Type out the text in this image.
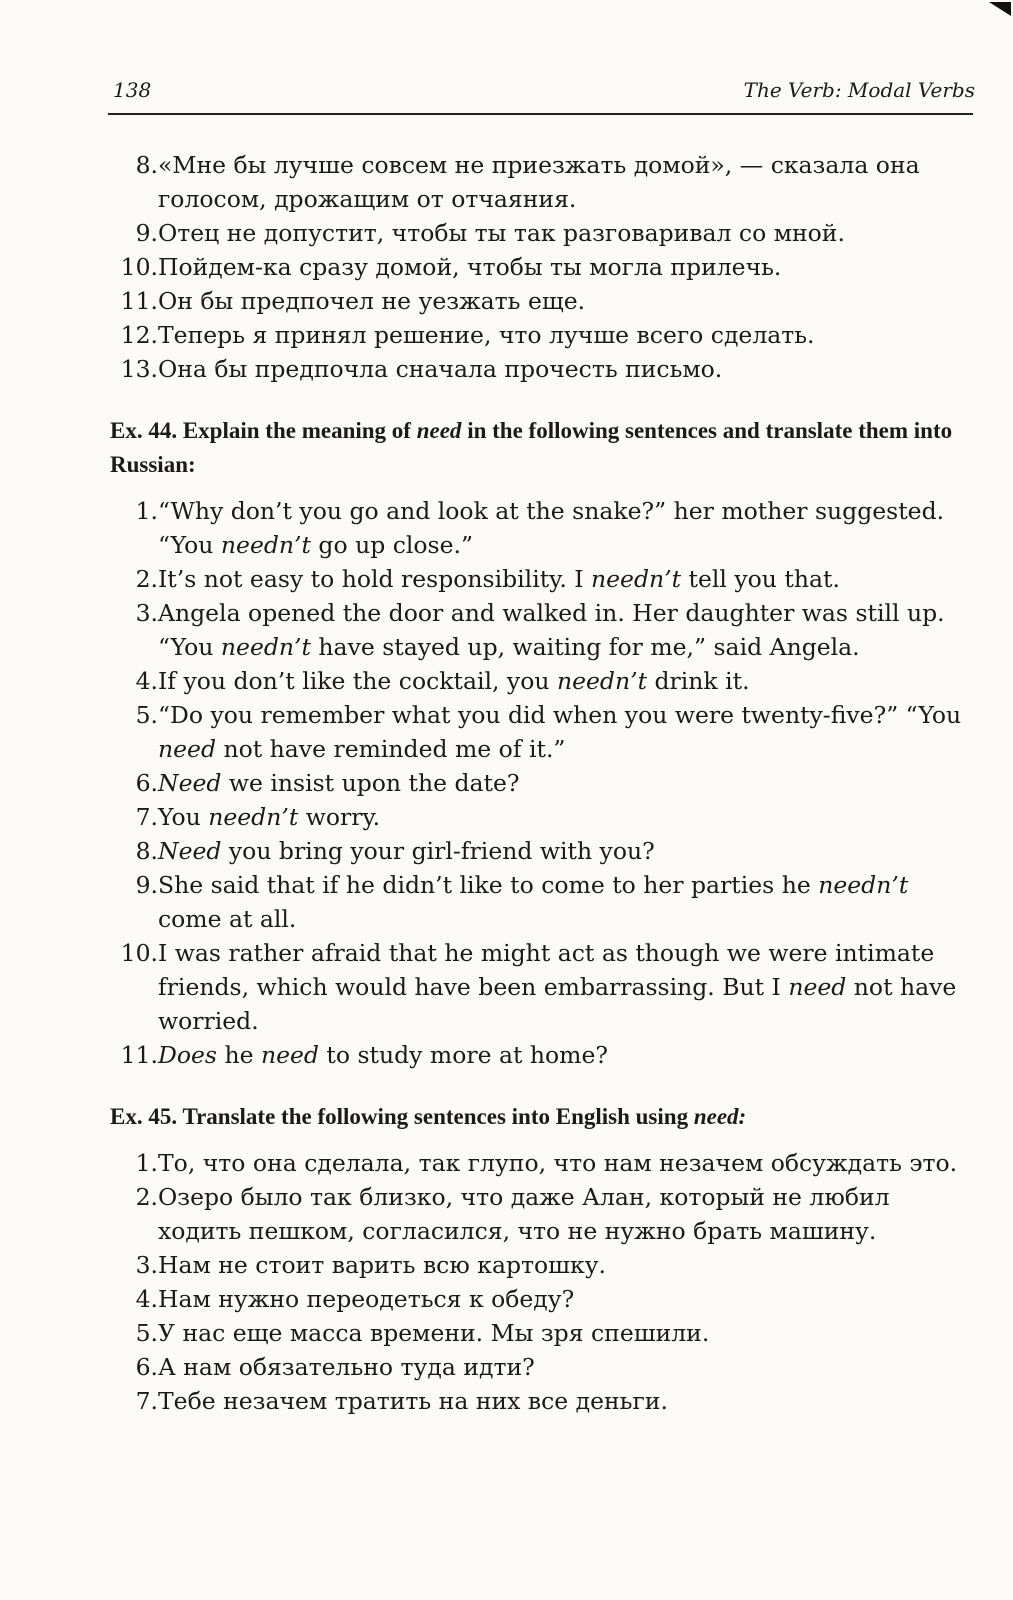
138	The Verb: Modal Verbs
8. «Мне бы лучше совсем не приезжать домой», — сказала она голосом, дрожащим от отчаяния.
9. Отец не допустит, чтобы ты так разговаривал со мной.
10. Пойдем-ка сразу домой, чтобы ты могла прилечь.
11. Он бы предпочел не уезжать еще.
12. Теперь я принял решение, что лучше всего сделать.
13. Она бы предпочла сначала прочесть письмо.
Ex. 44. Explain the meaning of need in the following sentences and translate them into Russian:
1. “Why don’t you go and look at the snake?” her mother suggested. “You needn’t go up close.”
2. It’s not easy to hold responsibility. I needn’t tell you that.
3. Angela opened the door and walked in. Her daughter was still up. “You needn’t have stayed up, waiting for me,” said Angela.
4. If you don’t like the cocktail, you needn’t drink it.
5. “Do you remember what you did when you were twenty-five?” “You need not have reminded me of it.”
6. Need we insist upon the date?
7. You needn’t worry.
8. Need you bring your girl-friend with you?
9. She said that if he didn’t like to come to her parties he needn’t come at all.
10. I was rather afraid that he might act as though we were intimate friends, which would have been embarrassing. But I need not have worried.
11. Does he need to study more at home?
Ex. 45. Translate the following sentences into English using need:
1. То, что она сделала, так глупо, что нам незачем обсуждать это.
2. Озеро было так близко, что даже Алан, который не любил ходить пешком, согласился, что не нужно брать машину.
3. Нам не стоит варить всю картошку.
4. Нам нужно переодеться к обеду?
5. У нас еще масса времени. Мы зря спешили.
6. А нам обязательно туда идти?
7. Тебе незачем тратить на них все деньги.
